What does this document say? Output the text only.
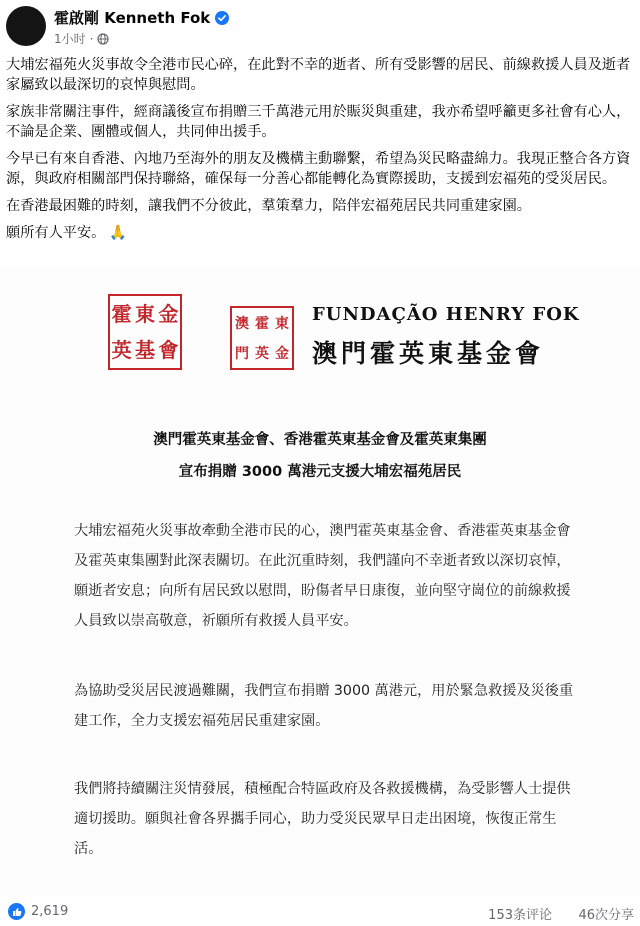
霍啟剛 Kenneth Fok
1小时 ·

大埔宏福苑火災事故令全港市民心碎，在此對不幸的逝者、所有受影響的居民、前線救援人員及逝者家屬致以最深切的哀悼與慰問。

家族非常關注事件，經商議後宣布捐贈三千萬港元用於賑災與重建，我亦希望呼籲更多社會有心人，不論是企業、團體或個人，共同伸出援手。

今早已有來自香港、內地乃至海外的朋友及機構主動聯繫，希望為災民略盡綿力。我現正整合各方資源，與政府相關部門保持聯絡，確保每一分善心都能轉化為實際援助，支援到宏福苑的受災居民。

在香港最困難的時刻，讓我們不分彼此，羣策羣力，陪伴宏福苑居民共同重建家園。

願所有人平安。 🙏

霍 東 金
英 基 會
澳 霍 東
門 英 金
FUNDAÇÃO HENRY FOK
澳門霍英東基金會
澳門霍英東基金會、香港霍英東基金會及霍英東集團
宣布捐贈 3000 萬港元支援大埔宏福苑居民
大埔宏福苑火災事故牽動全港市民的心，澳門霍英東基金會、香港霍英東基金會及霍英東集團對此深表關切。在此沉重時刻，我們謹向不幸逝者致以深切哀悼，願逝者安息；向所有居民致以慰問，盼傷者早日康復，並向堅守崗位的前線救援人員致以崇高敬意，祈願所有救援人員平安。
為協助受災居民渡過難關，我們宣布捐贈 3000 萬港元，用於緊急救援及災後重建工作，全力支援宏福苑居民重建家園。
我們將持續關注災情發展，積極配合特區政府及各救援機構，為受影響人士提供適切援助。願與社會各界攜手同心，助力受災民眾早日走出困境，恢復正常生活。
2,619	153条评论 46次分享
